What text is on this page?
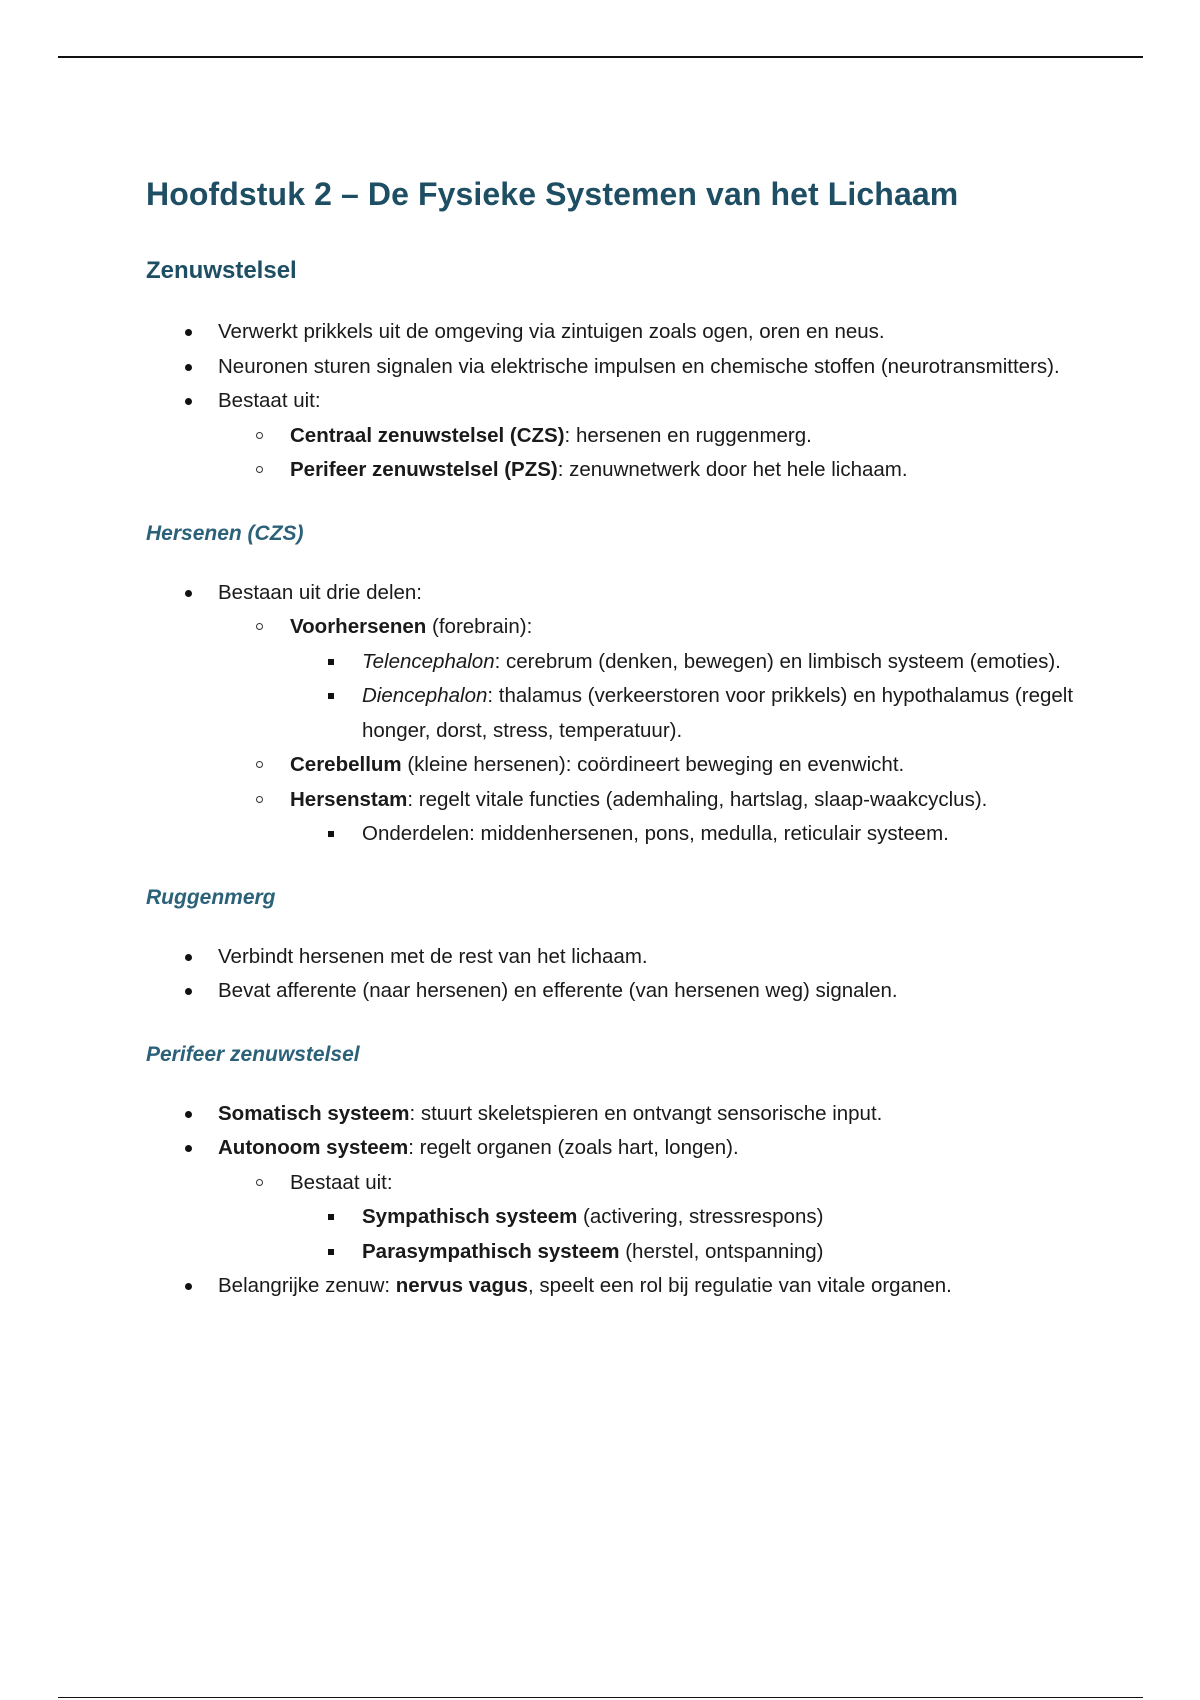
Hoofdstuk 2 – De Fysieke Systemen van het Lichaam
Zenuwstelsel
Verwerkt prikkels uit de omgeving via zintuigen zoals ogen, oren en neus.
Neuronen sturen signalen via elektrische impulsen en chemische stoffen (neurotransmitters).
Bestaat uit:
Centraal zenuwstelsel (CZS): hersenen en ruggenmerg.
Perifeer zenuwstelsel (PZS): zenuwnetwerk door het hele lichaam.
Hersenen (CZS)
Bestaan uit drie delen:
Voorhersenen (forebrain):
Telencephalon: cerebrum (denken, bewegen) en limbisch systeem (emoties).
Diencephalon: thalamus (verkeerstoren voor prikkels) en hypothalamus (regelt honger, dorst, stress, temperatuur).
Cerebellum (kleine hersenen): coördineert beweging en evenwicht.
Hersenstam: regelt vitale functies (ademhaling, hartslag, slaap-waakcyclus).
Onderdelen: middenhersenen, pons, medulla, reticulair systeem.
Ruggenmerg
Verbindt hersenen met de rest van het lichaam.
Bevat afferente (naar hersenen) en efferente (van hersenen weg) signalen.
Perifeer zenuwstelsel
Somatisch systeem: stuurt skeletspieren en ontvangt sensorische input.
Autonoom systeem: regelt organen (zoals hart, longen).
Bestaat uit:
Sympathisch systeem (activering, stressrespons)
Parasympathisch systeem (herstel, ontspanning)
Belangrijke zenuw: nervus vagus, speelt een rol bij regulatie van vitale organen.
